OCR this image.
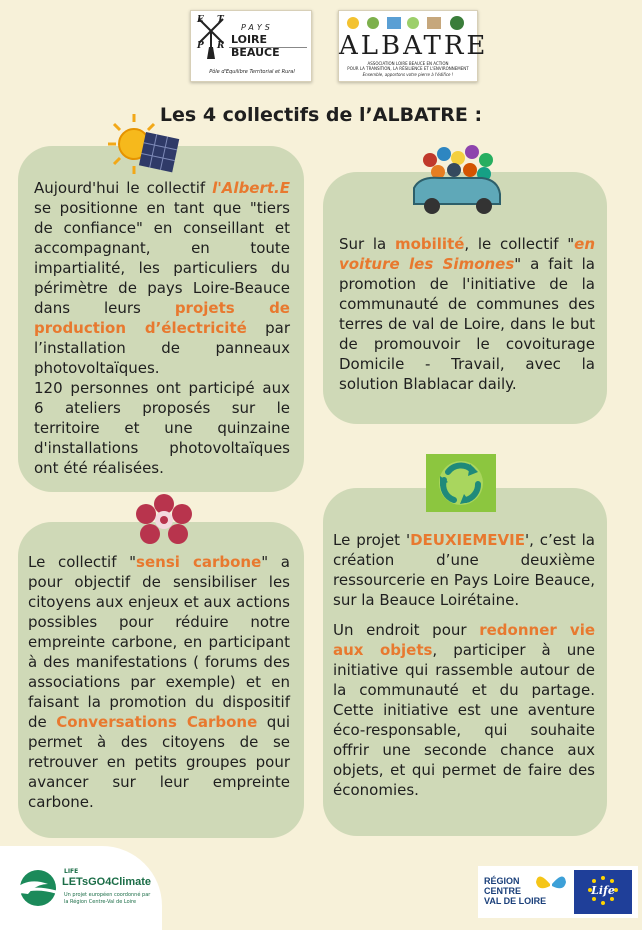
E T
P R
PAYS
LOIRE BEAUCE
Pôle d'Equilibre Territorial et Rural
ALBATRE
ASSOCIATION LOIRE BEAUCE EN ACTION
POUR LA TRANSITION, LA RÉSILIENCE ET L'ENVIRONNEMENT
Ensemble, apportons votre pierre à l'édifice !
Les 4 collectifs de l’ALBATRE :

Aujourd'hui le collectif l'Albert.E se positionne en tant que "tiers de confiance" en conseillant et accompagnant, en toute impartialité, les particuliers du périmètre de pays Loire-Beauce dans leurs projets de production d’électricité par l’installation de panneaux photovoltaïques.

120 personnes ont participé aux 6 ateliers proposés sur le territoire et une quinzaine d'installations photovoltaïques ont été réalisées.

Sur la mobilité, le collectif "en voiture les Simones" a fait la promotion de l'initiative de la communauté de communes des terres de val de Loire, dans le but de promouvoir le covoiturage Domicile - Travail, avec la solution Blablacar daily.

Le collectif "sensi carbone" a pour objectif de sensibiliser les citoyens aux enjeux et aux actions possibles pour réduire notre empreinte carbone, en participant à des manifestations ( forums des associations par exemple) et en faisant la promotion du dispositif de Conversations Carbone qui permet à des citoyens de se retrouver en petits groupes pour avancer sur leur empreinte carbone.

Le projet 'DEUXIEMEVIE', c’est la création d’une deuxième ressourcerie en Pays Loire Beauce, sur la Beauce Loirétaine.

Un endroit pour redonner vie aux objets, participer à une initiative qui rassemble autour de la communauté et du partage. Cette initiative est une aventure éco-responsable, qui souhaite offrir une seconde chance aux objets, et qui permet de faire des économies.

LIFE
LETsGO4Climate
Un projet européen coordonné par la Région Centre-Val de Loire
RÉGION
CENTRE
VAL DE LOIRE
Life
